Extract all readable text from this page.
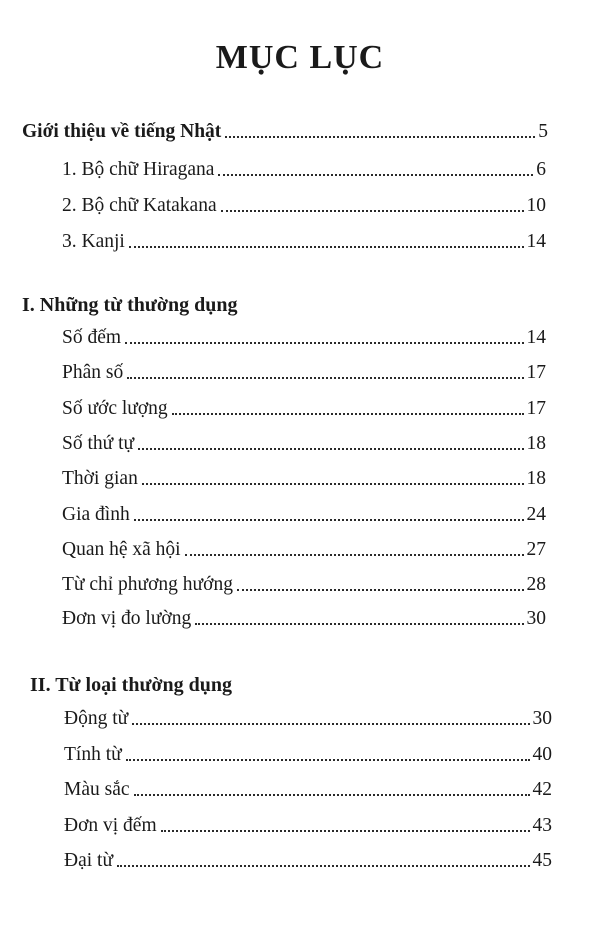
MỤC LỤC
Giới thiệu về tiếng Nhật	5
1. Bộ chữ Hiragana	6
2. Bộ chữ Katakana	10
3. Kanji	14
I. Những từ thường dụng
Số đếm	14
Phân số	17
Số ước lượng	17
Số thứ tự	18
Thời gian	18
Gia đình	24
Quan hệ xã hội	27
Từ chỉ phương hướng	28
Đơn vị đo lường	30
II. Từ loại thường dụng
Động từ	30
Tính từ	40
Màu sắc	42
Đơn vị đếm	43
Đại từ	45
